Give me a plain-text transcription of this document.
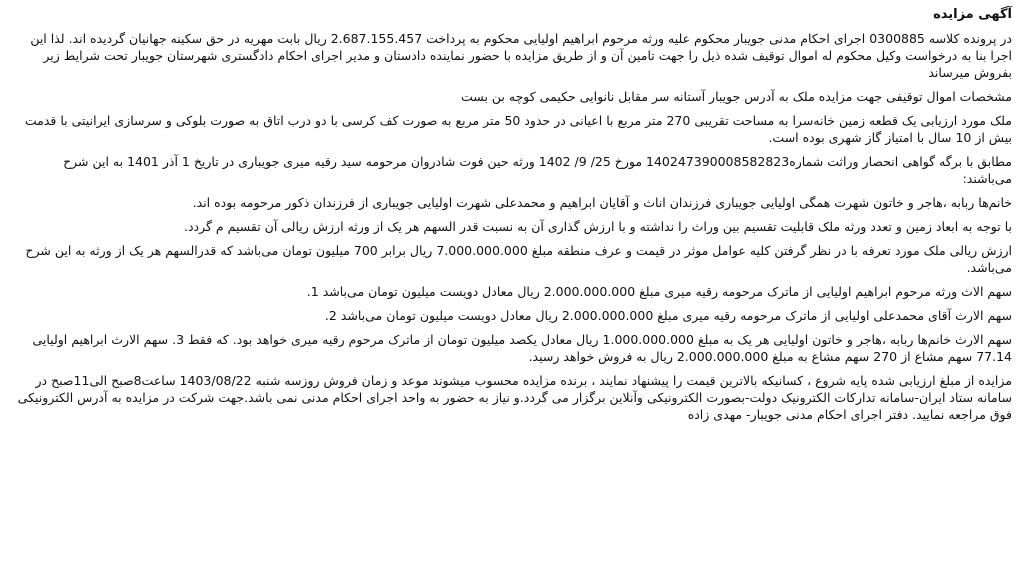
آگهی مزایده
در پرونده کلاسه 0300885 اجرای احکام مدنی جویبار محکوم علیه ورثه مرحوم ابراهیم اولیایی محکوم به پرداخت 2.687.155.457 ریال بابت مهریه در حق سکینه جهانیان گردیده اند. لذا این اجرا بنا به درخواست وکیل محکوم له اموال توقیف شده ذیل را جهت تامین آن و از طریق مزایده با حضور نماینده دادستان و مدیر اجرای احکام دادگستری شهرستان جویبار تحت شرایط زیر بفروش میرساند
مشخصات اموال توقیفی جهت مزایده ملک به آدرس جویبار آستانه سر مقابل نانوایی حکیمی کوچه بن بست
ملک مورد ارزیابی یک قطعه زمین خانه‌سرا به مساحت تقریبی 270 متر مربع با اعیانی در حدود 50 متر مربع به صورت کف کرسی با دو درب اتاق به صورت بلوکی و سرسازی ایرانیتی با قدمت بیش از 10 سال با امتیاز گاز شهری بوده است.
مطابق با برگه گواهی انحصار وراثت شماره140247390008582823 مورخ 25/ 9/ 1402 ورثه حین فوت شادروان مرحومه سید رقیه میری جویباری در تاریخ 1 آذر 1401 به این شرح می‌باشند:
خانم‌ها ربابه ،هاجر و خاتون شهرت همگی اولیایی جویباری فرزندان اناث و آقایان ابراهیم و محمدعلی شهرت اولیایی جویباری از فرزندان ذکور مرحومه بوده اند.
با توجه به ابعاد زمین و تعدد ورثه ملک قابلیت تقسیم بین وراث را نداشته و با ارزش گذاری آن به نسبت قدر السهم هر یک از ورثه ارزش ریالی آن تقسیم م گردد.
ارزش ریالی ملک مورد تعرفه با در نظر گرفتن کلیه عوامل موثر در قیمت و عرف منطقه مبلغ 7.000.000.000 ریال برابر 700 میلیون تومان می‌باشد که قدرالسهم هر یک از ورثه به این شرح می‌باشد.
سهم الاث ورثه مرحوم ابراهیم اولیایی از ماترک مرحومه رقیه میری مبلغ 2.000.000.000 ریال معادل دویست میلیون تومان می‌باشد 1.
سهم الارث آقای محمدعلی اولیایی از ماترک مرحومه رقیه میری مبلغ 2.000.000.000 ریال معادل دویست میلیون تومان می‌باشد 2.
سهم الارث خانم‌ها ربابه ،هاجر و خاتون اولیایی هر یک به مبلغ 1.000.000.000 ریال معادل یکصد میلیون تومان از ماترک مرحوم رقیه میری خواهد بود. که فقط 3. سهم الارث ابراهیم اولیایی 77.14 سهم مشاع از 270 سهم مشاع به مبلغ 2.000.000.000 ریال به فروش خواهد رسید.
مزایده از مبلغ ارزیابی شده پایه شروع ، کسانیکه بالاترین قیمت را پیشنهاد نمایند ، برنده مزایده محسوب میشوند موعد و زمان فروش روزسه شنبه 1403/08/22 ساعت8صبح الی11صبح در سامانه ستاد ایران-سامانه تدارکات الکترونیک دولت-بصورت الکترونیکی وآنلاین برگزار می گردد.و نیاز به حضور به واحد اجرای احکام مدنی نمی باشد.جهت شرکت در مزایده به آدرس الکترونیکی فوق مراجعه نمایید. دفتر اجرای احکام مدنی جویبار- مهدی زاده
